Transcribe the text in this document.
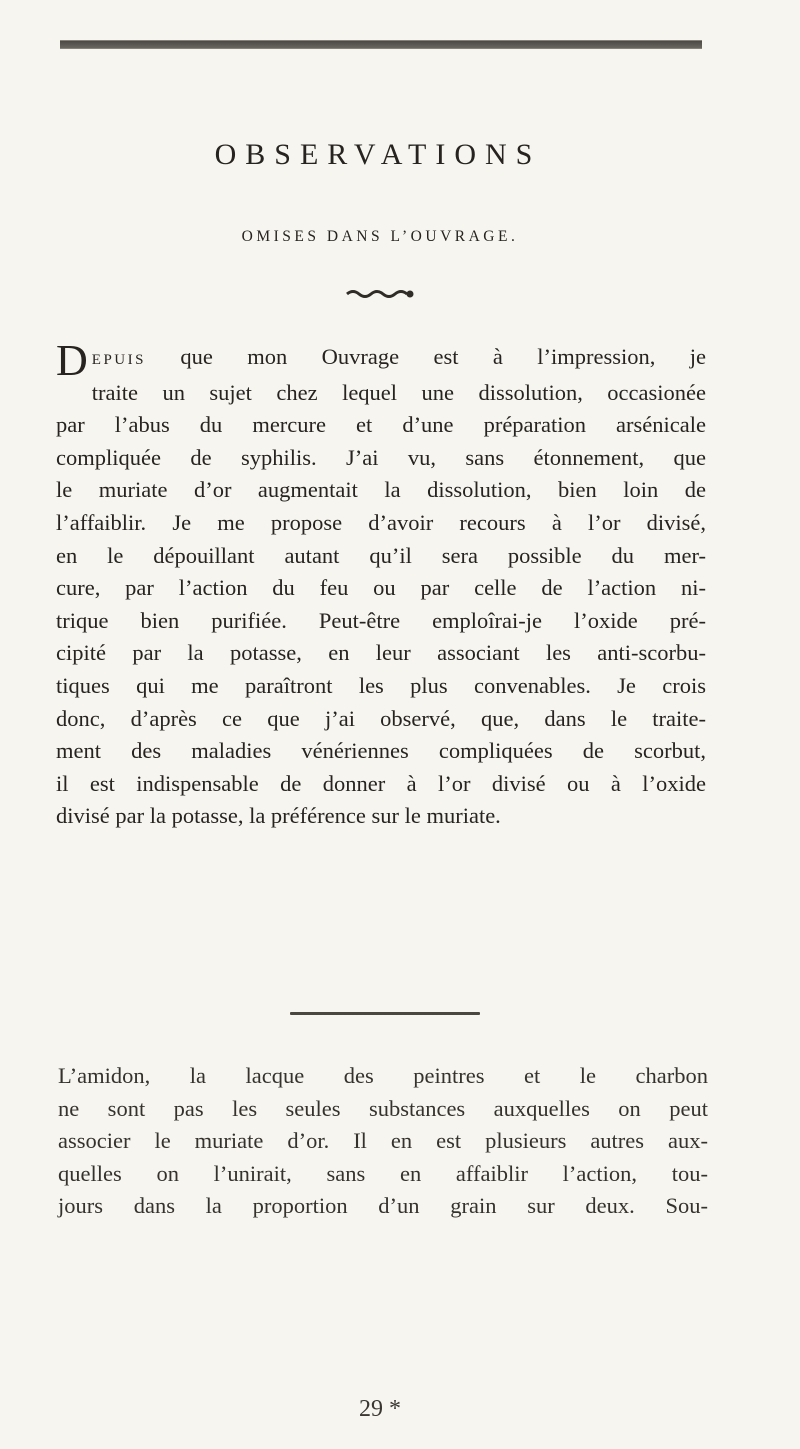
OBSERVATIONS
OMISES DANS L’OUVRAGE.
D EPUIS que mon Ouvrage est à l’impression, je
traite un sujet chez lequel une dissolution, occasionée
par l’abus du mercure et d’une préparation arsénicale
compliquée de syphilis. J’ai vu, sans étonnement, que
le muriate d’or augmentait la dissolution, bien loin de
l’affaiblir. Je me propose d’avoir recours à l’or divisé,
en le dépouillant autant qu’il sera possible du mer-
cure, par l’action du feu ou par celle de l’action ni-
trique bien purifiée. Peut-être emploîrai-je l’oxide pré-
cipité par la potasse, en leur associant les anti-scorbu-
tiques qui me paraîtront les plus convenables. Je crois
donc, d’après ce que j’ai observé, que, dans le traite-
ment des maladies vénériennes compliquées de scorbut,
il est indispensable de donner à l’or divisé ou à l’oxide
divisé par la potasse, la préférence sur le muriate.
L’amidon, la lacque des peintres et le charbon
ne sont pas les seules substances auxquelles on peut
associer le muriate d’or. Il en est plusieurs autres aux-
quelles on l’unirait, sans en affaiblir l’action, tou-
jours dans la proportion d’un grain sur deux. Sou-
29 *
